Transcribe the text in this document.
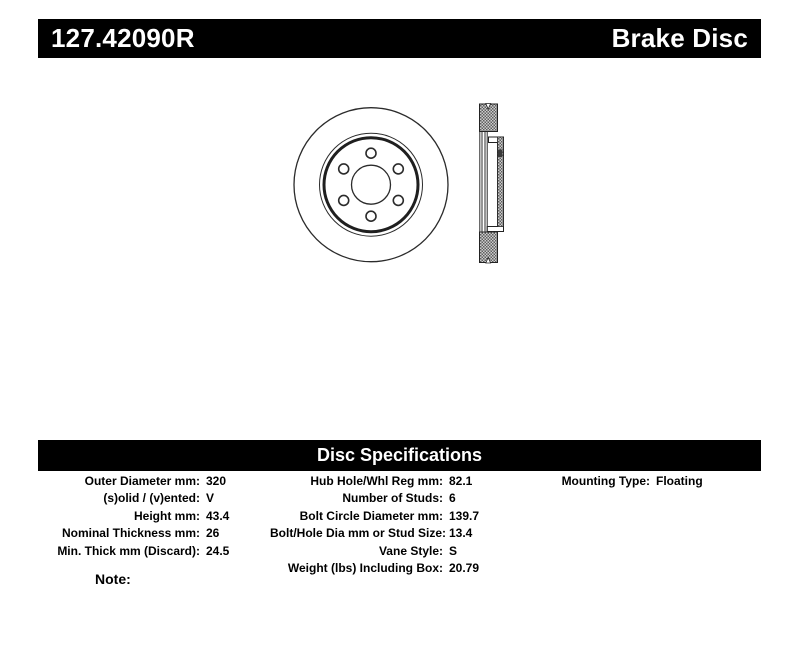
127.42090R	Brake Disc
Disc Specifications
Outer Diameter mm: 320
(s)olid / (v)ented: V
Height mm: 43.4
Nominal Thickness mm: 26
Min. Thick mm (Discard): 24.5
Hub Hole/Whl Reg mm: 82.1
Number of Studs: 6
Bolt Circle Diameter mm: 139.7
Bolt/Hole Dia mm or Stud Size: 13.4
Vane Style: S
Weight (lbs) Including Box: 20.79
Mounting Type: Floating
Note:
